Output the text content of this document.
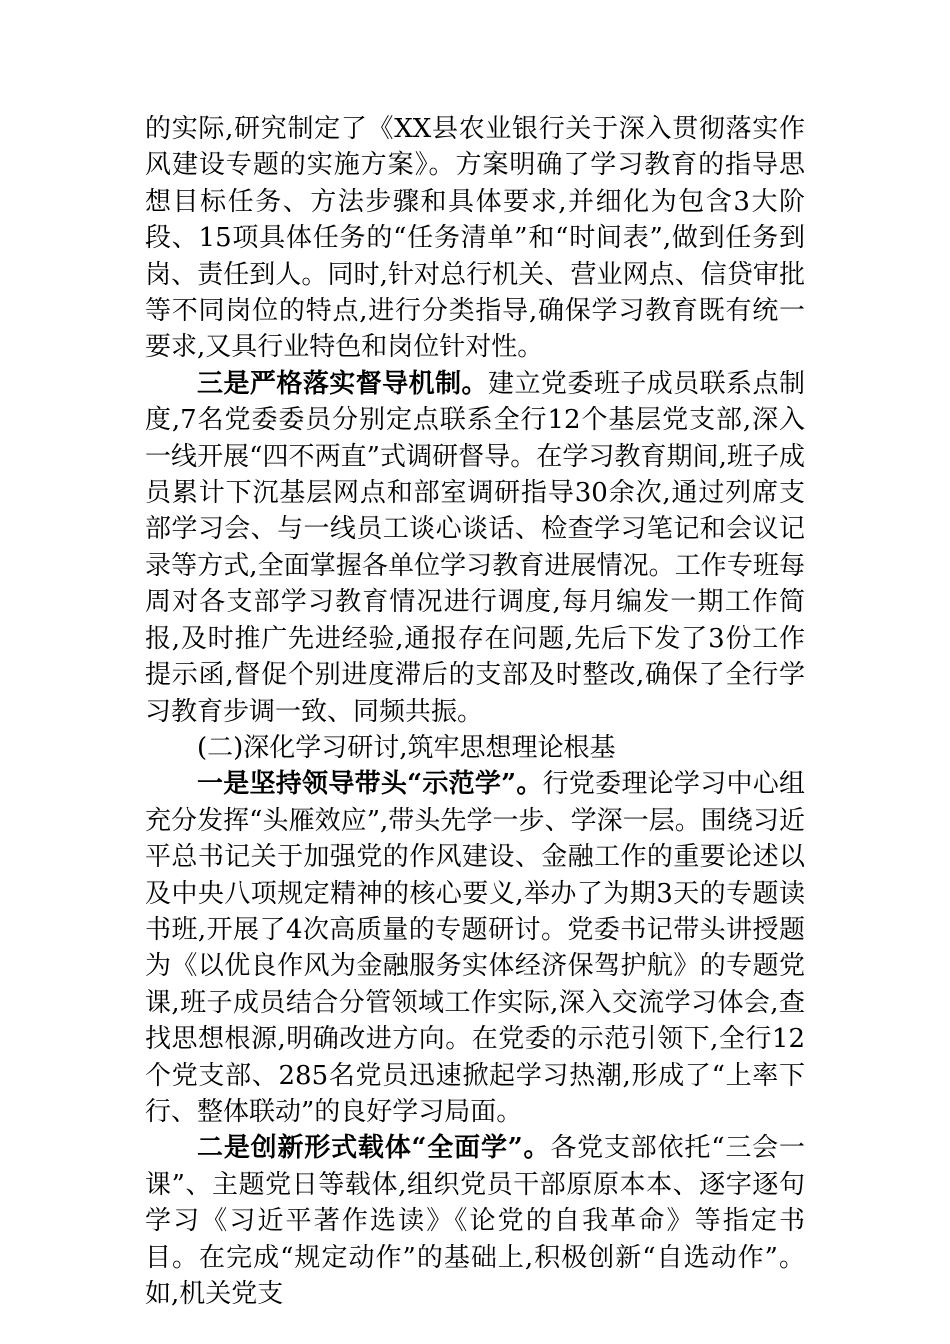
的实际,研究制定了《XX县农业银行关于深入贯彻落实作风建设专题的实施方案》。方案明确了学习教育的指导思想目标任务、方法步骤和具体要求,并细化为包含3大阶段、15项具体任务的“任务清单”和“时间表”,做到任务到岗、责任到人。同时,针对总行机关、营业网点、信贷审批等不同岗位的特点,进行分类指导,确保学习教育既有统一要求,又具行业特色和岗位针对性。

三是严格落实督导机制。建立党委班子成员联系点制度,7名党委委员分别定点联系全行12个基层党支部,深入一线开展“四不两直”式调研督导。在学习教育期间,班子成员累计下沉基层网点和部室调研指导30余次,通过列席支部学习会、与一线员工谈心谈话、检查学习笔记和会议记录等方式,全面掌握各单位学习教育进展情况。工作专班每周对各支部学习教育情况进行调度,每月编发一期工作简报,及时推广先进经验,通报存在问题,先后下发了3份工作提示函,督促个别进度滞后的支部及时整改,确保了全行学习教育步调一致、同频共振。

(二)深化学习研讨,筑牢思想理论根基

一是坚持领导带头“示范学”。行党委理论学习中心组充分发挥“头雁效应”,带头先学一步、学深一层。围绕习近平总书记关于加强党的作风建设、金融工作的重要论述以及中央八项规定精神的核心要义,举办了为期3天的专题读书班,开展了4次高质量的专题研讨。党委书记带头讲授题为《以优良作风为金融服务实体经济保驾护航》的专题党课,班子成员结合分管领域工作实际,深入交流学习体会,查找思想根源,明确改进方向。在党委的示范引领下,全行12个党支部、285名党员迅速掀起学习热潮,形成了“上率下行、整体联动”的良好学习局面。

二是创新形式载体“全面学”。各党支部依托“三会一课”、主题党日等载体,组织党员干部原原本本、逐字逐句学习《习近平著作选读》《论党的自我革命》等指定书目。在完成“规定动作”的基础上,积极创新“自选动作”。如,机关党支
